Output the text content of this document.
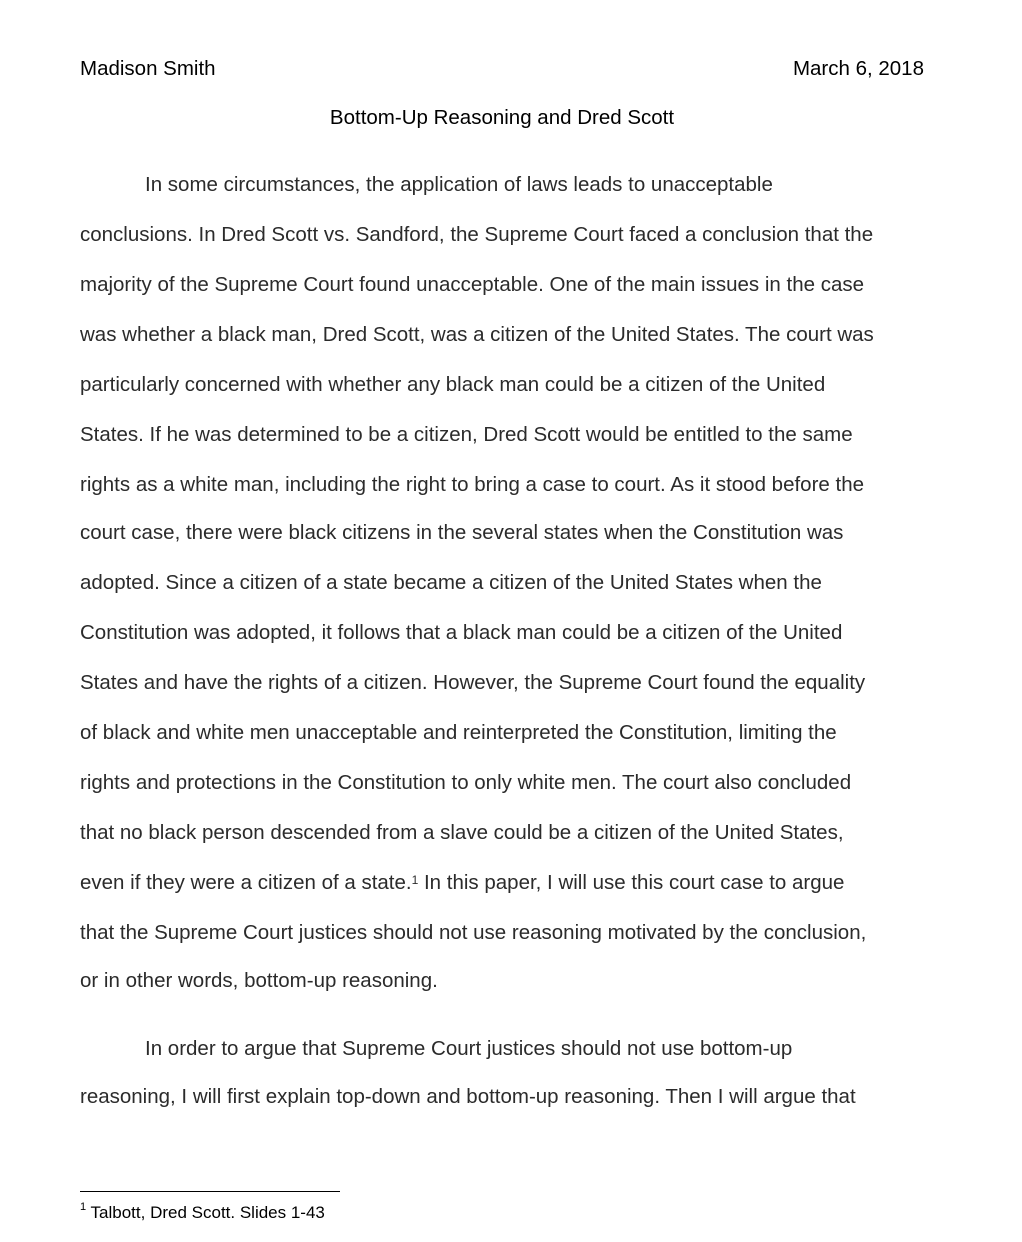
Madison Smith	March 6, 2018
Bottom-Up Reasoning and Dred Scott
In some circumstances, the application of laws leads to unacceptable
conclusions. In Dred Scott vs. Sandford, the Supreme Court faced a conclusion that the
majority of the Supreme Court found unacceptable. One of the main issues in the case
was whether a black man, Dred Scott, was a citizen of the United States. The court was
particularly concerned with whether any black man could be a citizen of the United
States. If he was determined to be a citizen, Dred Scott would be entitled to the same
rights as a white man, including the right to bring a case to court. As it stood before the
court case, there were black citizens in the several states when the Constitution was
adopted. Since a citizen of a state became a citizen of the United States when the
Constitution was adopted, it follows that a black man could be a citizen of the United
States and have the rights of a citizen. However, the Supreme Court found the equality
of black and white men unacceptable and reinterpreted the Constitution, limiting the
rights and protections in the Constitution to only white men. The court also concluded
that no black person descended from a slave could be a citizen of the United States,
even if they were a citizen of a state.$^1$ In this paper, I will use this court case to argue
that the Supreme Court justices should not use reasoning motivated by the conclusion,
or in other words, bottom-up reasoning.
In order to argue that Supreme Court justices should not use bottom-up
reasoning, I will first explain top-down and bottom-up reasoning. Then I will argue that
$^1$ Talbott, Dred Scott. Slides 1-43
